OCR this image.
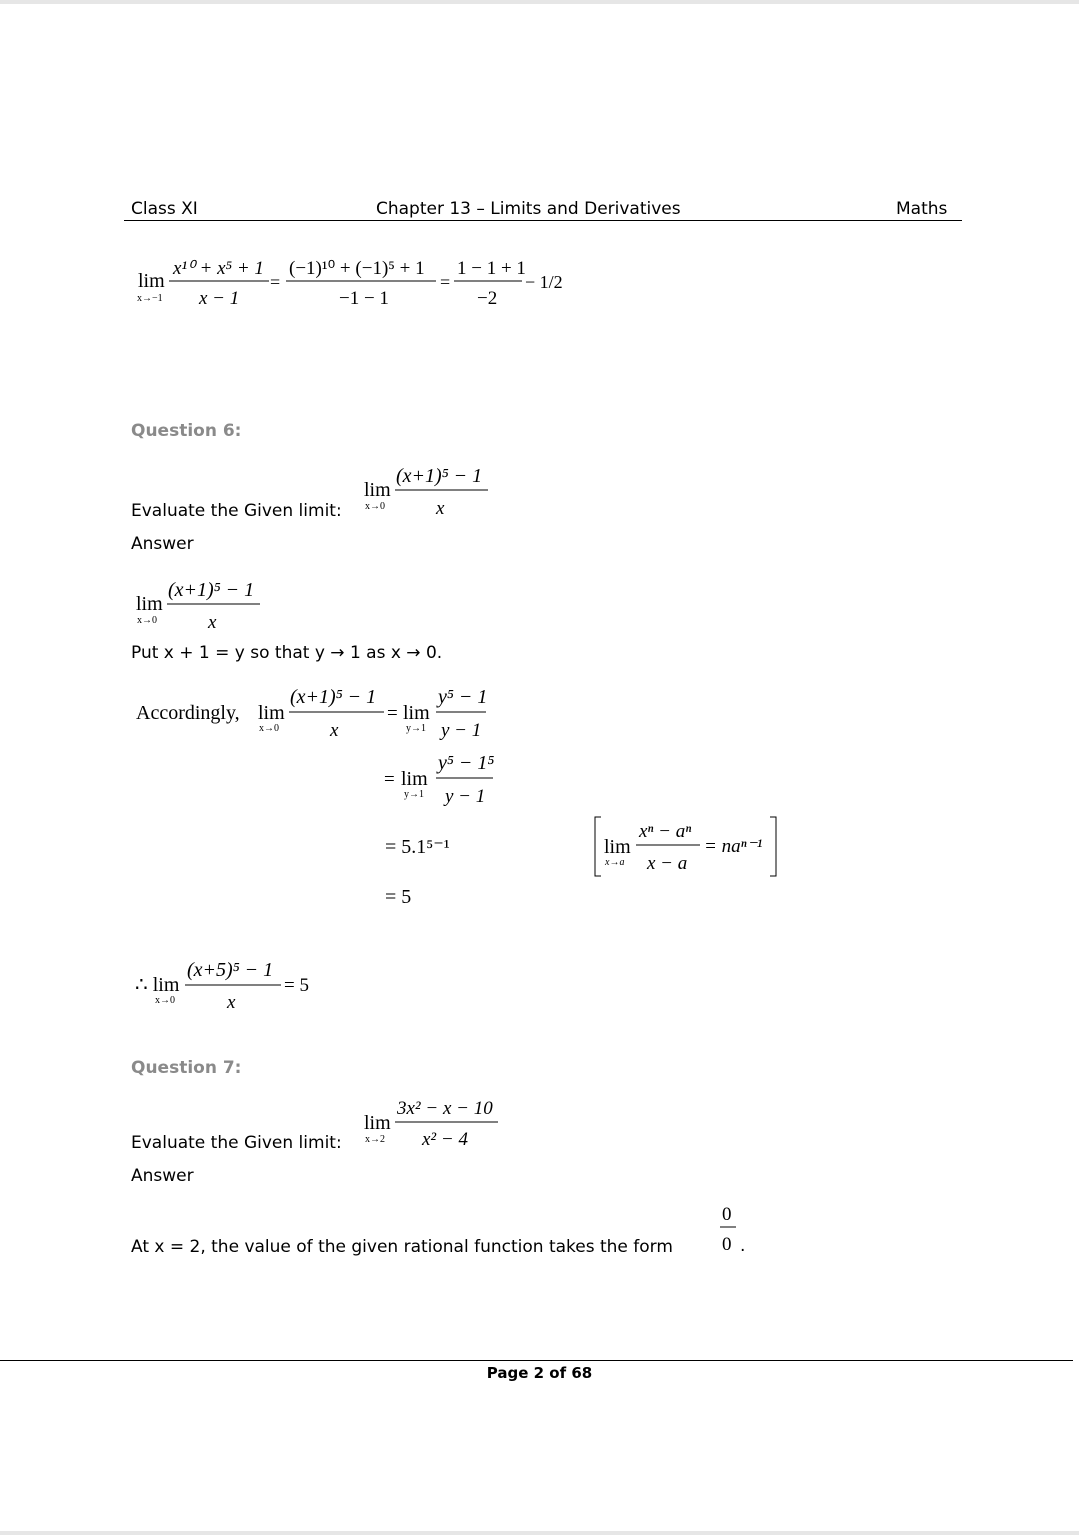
Class XI	Chapter 13 – Limits and Derivatives	Maths
lim
x→−1
x¹⁰ + x⁵ + 1
x − 1
=
(−1)¹⁰ + (−1)⁵ + 1
−1 − 1
=
1 − 1 + 1
−2
− 1/2
Question 6:
Evaluate the Given limit:
lim
x→0
(x+1)⁵ − 1
x
Answer
lim
x→0
(x+1)⁵ − 1
x
Put x + 1 = y so that y → 1 as x → 0.
Accordingly, lim
x→0
(x+1)⁵ − 1
x
= lim
y→1
y⁵ − 1
y − 1
= lim
y→1
y⁵ − 1⁵
y − 1
= 5.1⁵⁻¹	lim
x→a
xⁿ − aⁿ
x − a
= naⁿ⁻¹
= 5
∴ lim
x→0
(x+5)⁵ − 1
x
= 5
Question 7:
Evaluate the Given limit:
lim
x→2
3x² − x − 10
x² − 4
Answer
At x = 2, the value of the given rational function takes the form
0
0 .
Page 2 of 68
